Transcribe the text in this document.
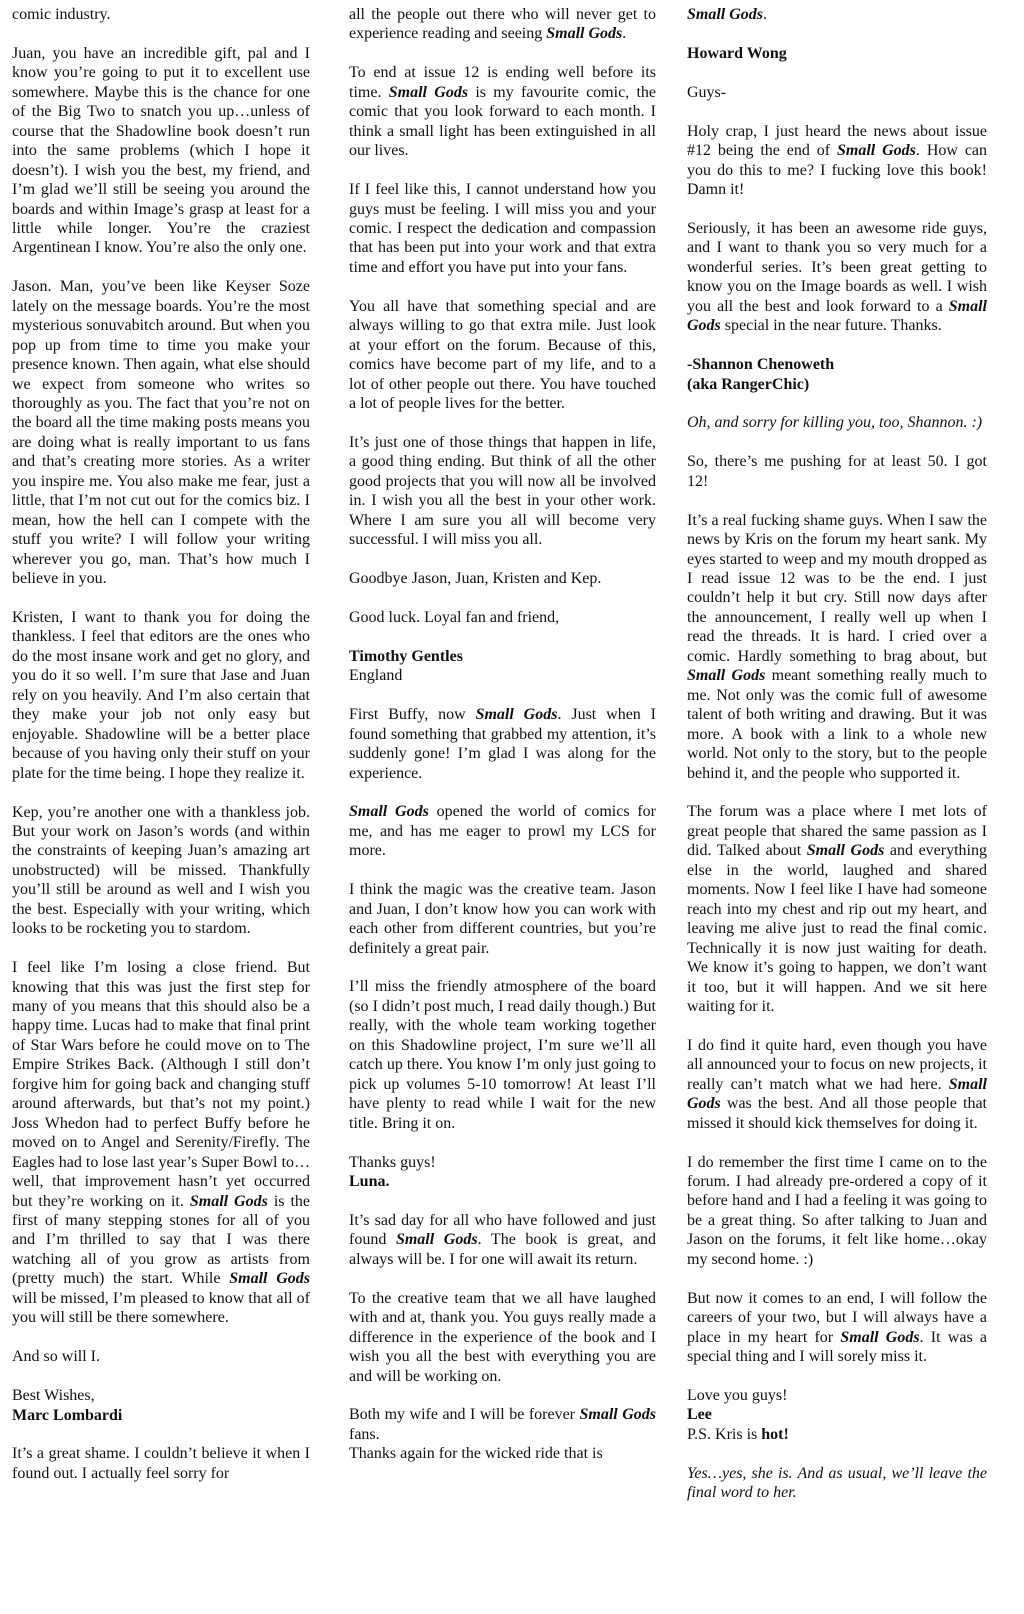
comic industry.

Juan, you have an incredible gift, pal and I know you’re going to put it to excellent use somewhere. Maybe this is the chance for one of the Big Two to snatch you up…unless of course that the Shadowline book doesn’t run into the same problems (which I hope it doesn’t). I wish you the best, my friend, and I’m glad we’ll still be seeing you around the boards and within Image’s grasp at least for a little while longer. You’re the craziest Argentinean I know. You’re also the only one.

Jason. Man, you’ve been like Keyser Soze lately on the message boards. You’re the most mysterious sonuvabitch around. But when you pop up from time to time you make your presence known. Then again, what else should we expect from someone who writes so thoroughly as you. The fact that you’re not on the board all the time making posts means you are doing what is really important to us fans and that’s creating more stories. As a writer you inspire me. You also make me fear, just a little, that I’m not cut out for the comics biz. I mean, how the hell can I compete with the stuff you write? I will follow your writing wherever you go, man. That’s how much I believe in you.

Kristen, I want to thank you for doing the thankless. I feel that editors are the ones who do the most insane work and get no glory, and you do it so well. I’m sure that Jase and Juan rely on you heavily. And I’m also certain that they make your job not only easy but enjoyable. Shadowline will be a better place because of you having only their stuff on your plate for the time being. I hope they realize it.

Kep, you’re another one with a thankless job. But your work on Jason’s words (and within the constraints of keeping Juan’s amazing art unobstructed) will be missed. Thankfully you’ll still be around as well and I wish you the best. Especially with your writing, which looks to be rocketing you to stardom.

I feel like I’m losing a close friend. But knowing that this was just the first step for many of you means that this should also be a happy time. Lucas had to make that final print of Star Wars before he could move on to The Empire Strikes Back. (Although I still don’t forgive him for going back and changing stuff around afterwards, but that’s not my point.) Joss Whedon had to perfect Buffy before he moved on to Angel and Serenity/Firefly. The Eagles had to lose last year’s Super Bowl to…well, that improvement hasn’t yet occurred but they’re working on it. Small Gods is the first of many stepping stones for all of you and I’m thrilled to say that I was there watching all of you grow as artists from (pretty much) the start. While Small Gods will be missed, I’m pleased to know that all of you will still be there somewhere.

And so will I.

Best Wishes,
Marc Lombardi

It’s a great shame. I couldn’t believe it when I found out. I actually feel sorry for

all the people out there who will never get to experience reading and seeing Small Gods.

To end at issue 12 is ending well before its time. Small Gods is my favourite comic, the comic that you look forward to each month. I think a small light has been extinguished in all our lives.

If I feel like this, I cannot understand how you guys must be feeling. I will miss you and your comic. I respect the dedication and compassion that has been put into your work and that extra time and effort you have put into your fans.

You all have that something special and are always willing to go that extra mile. Just look at your effort on the forum. Because of this, comics have become part of my life, and to a lot of other people out there. You have touched a lot of people lives for the better.

It’s just one of those things that happen in life, a good thing ending. But think of all the other good projects that you will now all be involved in. I wish you all the best in your other work. Where I am sure you all will become very successful. I will miss you all.

Goodbye Jason, Juan, Kristen and Kep.

Good luck. Loyal fan and friend,

Timothy Gentles
England

First Buffy, now Small Gods. Just when I found something that grabbed my attention, it’s suddenly gone! I’m glad I was along for the experience.

Small Gods opened the world of comics for me, and has me eager to prowl my LCS for more.

I think the magic was the creative team. Jason and Juan, I don’t know how you can work with each other from different countries, but you’re definitely a great pair.

I’ll miss the friendly atmosphere of the board (so I didn’t post much, I read daily though.) But really, with the whole team working together on this Shadowline project, I’m sure we’ll all catch up there. You know I’m only just going to pick up volumes 5-10 tomorrow! At least I’ll have plenty to read while I wait for the new title. Bring it on.

Thanks guys!
Luna.

It’s sad day for all who have followed and just found Small Gods. The book is great, and always will be. I for one will await its return.

To the creative team that we all have laughed with and at, thank you. You guys really made a difference in the experience of the book and I wish you all the best with everything you are and will be working on.

Both my wife and I will be forever Small Gods fans.

Thanks again for the wicked ride that is

Small Gods.

Howard Wong

Guys-

Holy crap, I just heard the news about issue #12 being the end of Small Gods. How can you do this to me? I fucking love this book! Damn it!

Seriously, it has been an awesome ride guys, and I want to thank you so very much for a wonderful series. It’s been great getting to know you on the Image boards as well. I wish you all the best and look forward to a Small Gods special in the near future. Thanks.

-Shannon Chenoweth
(aka RangerChic)

Oh, and sorry for killing you, too, Shannon. :)

So, there’s me pushing for at least 50. I got 12!

It’s a real fucking shame guys. When I saw the news by Kris on the forum my heart sank. My eyes started to weep and my mouth dropped as I read issue 12 was to be the end. I just couldn’t help it but cry. Still now days after the announcement, I really well up when I read the threads. It is hard. I cried over a comic. Hardly something to brag about, but Small Gods meant something really much to me. Not only was the comic full of awesome talent of both writing and drawing. But it was more. A book with a link to a whole new world. Not only to the story, but to the people behind it, and the people who supported it.

The forum was a place where I met lots of great people that shared the same passion as I did. Talked about Small Gods and everything else in the world, laughed and shared moments. Now I feel like I have had someone reach into my chest and rip out my heart, and leaving me alive just to read the final comic. Technically it is now just waiting for death. We know it’s going to happen, we don’t want it too, but it will happen. And we sit here waiting for it.

I do find it quite hard, even though you have all announced your to focus on new projects, it really can’t match what we had here. Small Gods was the best. And all those people that missed it should kick themselves for doing it.

I do remember the first time I came on to the forum. I had already pre-ordered a copy of it before hand and I had a feeling it was going to be a great thing. So after talking to Juan and Jason on the forums, it felt like home…okay my second home. :)

But now it comes to an end, I will follow the careers of your two, but I will always have a place in my heart for Small Gods. It was a special thing and I will sorely miss it.

Love you guys!
Lee
P.S. Kris is hot!

Yes…yes, she is. And as usual, we’ll leave the final word to her.
